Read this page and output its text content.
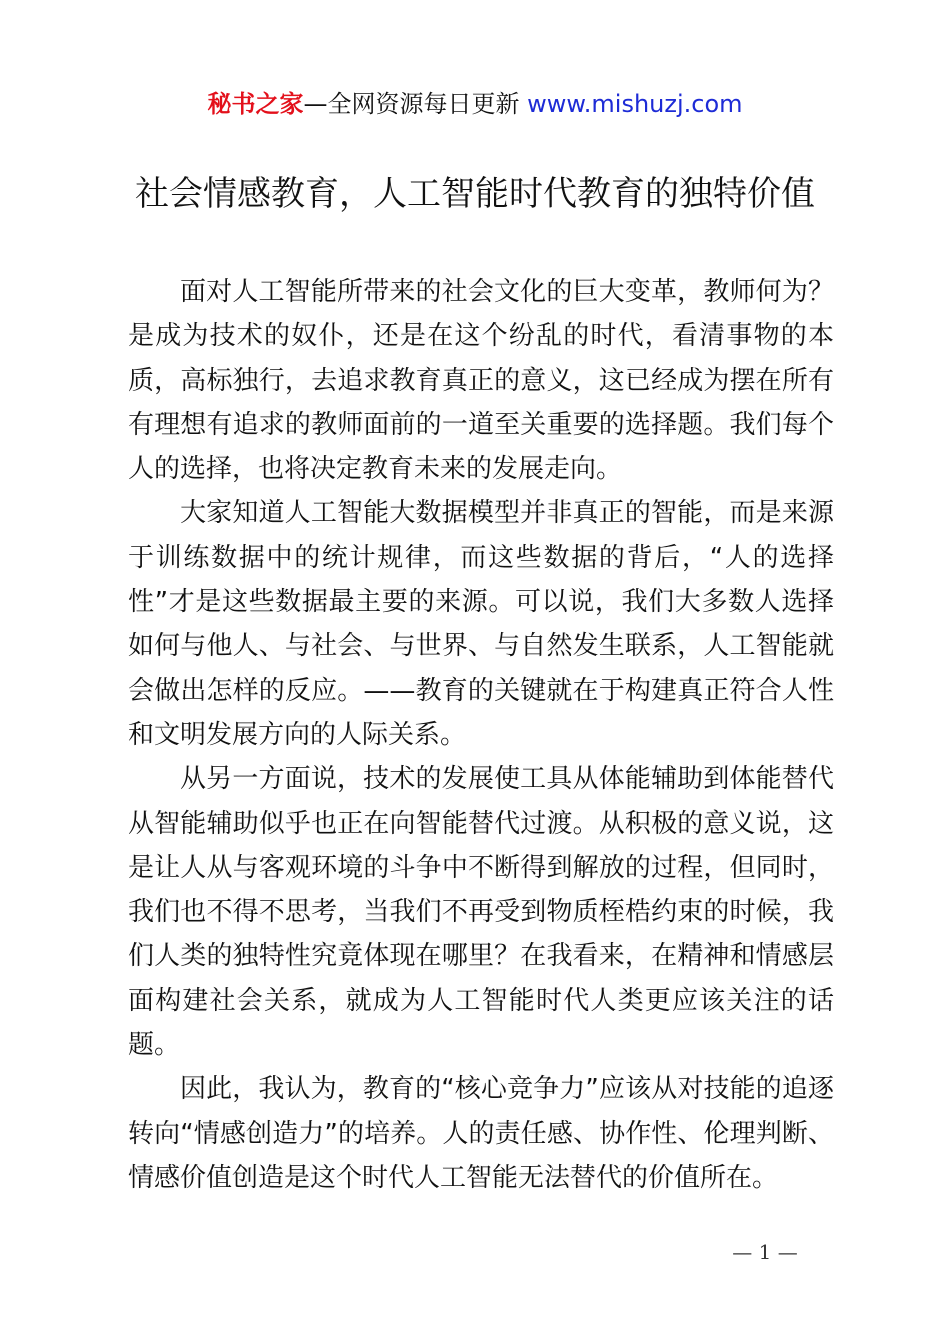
秘书之家—全网资源每日更新 www.mishuzj.com
社会情感教育，人工智能时代教育的独特价值

面对人工智能所带来的社会文化的巨大变革，教师何为？是成为技术的奴仆，还是在这个纷乱的时代，看清事物的本质，高标独行，去追求教育真正的意义，这已经成为摆在所有有理想有追求的教师面前的一道至关重要的选择题。我们每个人的选择，也将决定教育未来的发展走向。

大家知道人工智能大数据模型并非真正的智能，而是来源于训练数据中的统计规律，而这些数据的背后，“人的选择性”才是这些数据最主要的来源。可以说，我们大多数人选择如何与他人、与社会、与世界、与自然发生联系，人工智能就会做出怎样的反应。——教育的关键就在于构建真正符合人性和文明发展方向的人际关系。

从另一方面说，技术的发展使工具从体能辅助到体能替代从智能辅助似乎也正在向智能替代过渡。从积极的意义说，这是让人从与客观环境的斗争中不断得到解放的过程，但同时，我们也不得不思考，当我们不再受到物质桎梏约束的时候，我们人类的独特性究竟体现在哪里？在我看来，在精神和情感层面构建社会关系，就成为人工智能时代人类更应该关注的话题。

因此，我认为，教育的“核心竞争力”应该从对技能的追逐转向“情感创造力”的培养。人的责任感、协作性、伦理判断、情感价值创造是这个时代人工智能无法替代的价值所在。

— 1 —
